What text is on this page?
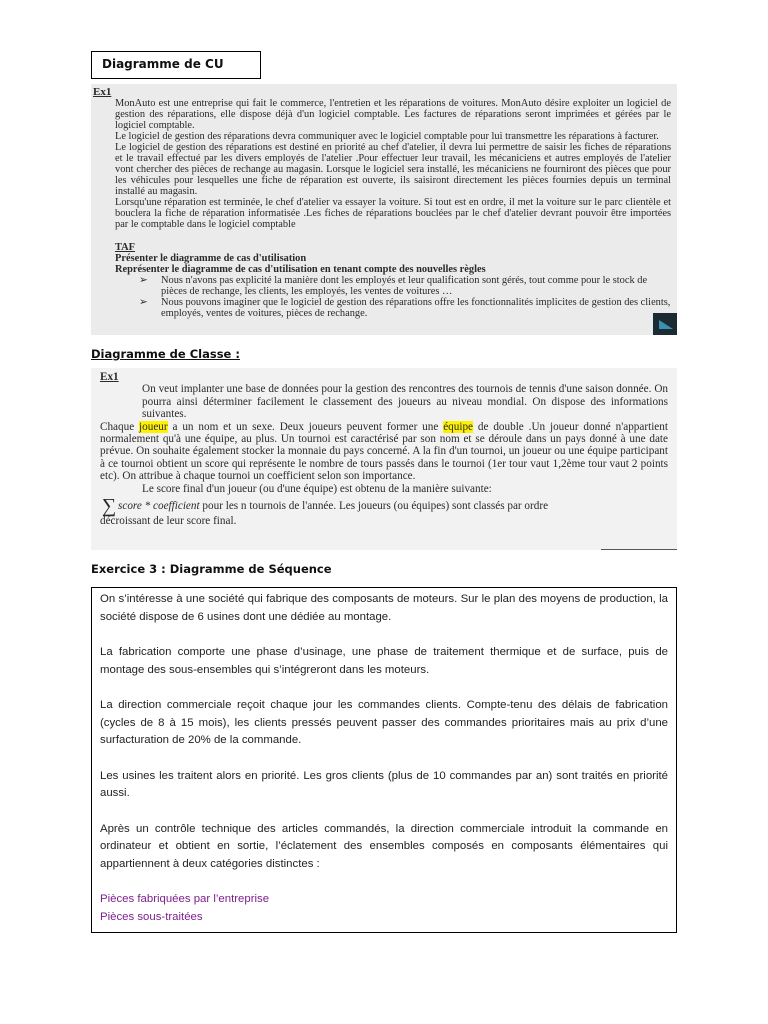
Diagramme de CU
Ex1

MonAuto est une entreprise qui fait le commerce, l'entretien et les réparations de voitures. MonAuto désire exploiter un logiciel de gestion des réparations, elle dispose déjà d'un logiciel comptable. Les factures de réparations seront imprimées et gérées par le logiciel comptable.

Le logiciel de gestion des réparations devra communiquer avec le logiciel comptable pour lui transmettre les réparations à facturer.

Le logiciel de gestion des réparations est destiné en priorité au chef d'atelier, il devra lui permettre de saisir les fiches de réparations et le travail effectué par les divers employés de l'atelier .Pour effectuer leur travail, les mécaniciens et autres employés de l'atelier vont chercher des pièces de rechange au magasin. Lorsque le logiciel sera installé, les mécaniciens ne fourniront des pièces que pour les véhicules pour lesquelles une fiche de réparation est ouverte, ils saisiront directement les pièces fournies depuis un terminal installé au magasin.

Lorsqu'une réparation est terminée, le chef d'atelier va essayer la voiture. Si tout est en ordre, il met la voiture sur le parc clientèle et bouclera la fiche de réparation informatisée .Les fiches de réparations bouclées par le chef d'atelier devrant pouvoir être importées par le comptable dans le logiciel comptable

TAF
Présenter le diagramme de cas d'utilisation
Représenter le diagramme de cas d'utilisation en tenant compte des nouvelles règles
➢	Nous n'avons pas explicité la manière dont les employés et leur qualification sont gérés, tout comme pour le stock de pièces de rechange, les clients, les employés, les ventes de voitures …
➢	Nous pouvons imaginer que le logiciel de gestion des réparations offre les fonctionnalités implicites de gestion des clients, employés, ventes de voitures, pièces de rechange.
Diagramme de Classe :
Ex1

On veut implanter une base de données pour la gestion des rencontres des tournois de tennis d'une saison donnée. On pourra ainsi déterminer facilement le classement des joueurs au niveau mondial. On dispose des informations suivantes.

Chaque joueur a un nom et un sexe. Deux joueurs peuvent former une équipe de double .Un joueur donné n'appartient normalement qu'à une équipe, au plus. Un tournoi est caractérisé par son nom et se déroule dans un pays donné à une date prévue. On souhaite également stocker la monnaie du pays concerné. A la fin d'un tournoi, un joueur ou une équipe participant à ce tournoi obtient un score qui représente le nombre de tours passés dans le tournoi (1er tour vaut 1,2ème tour vaut 2 points etc). On attribue à chaque tournoi un coefficient selon son importance.

Le score final d'un joueur (ou d'une équipe) est obtenu de la manière suivante:

∑ score * coefficient pour les n tournois de l'année. Les joueurs (ou équipes) sont classés par ordre

décroissant de leur score final.

Exercice 3 : Diagramme de Séquence

On s’intéresse à une société qui fabrique des composants de moteurs. Sur le plan des moyens de production, la société dispose de 6 usines dont une dédiée au montage.

La fabrication comporte une phase d’usinage, une phase de traitement thermique et de surface, puis de montage des sous-ensembles qui s’intégreront dans les moteurs.

La direction commerciale reçoit chaque jour les commandes clients. Compte-tenu des délais de fabrication (cycles de 8 à 15 mois), les clients pressés peuvent passer des commandes prioritaires mais au prix d’une surfacturation de 20% de la commande.

Les usines les traitent alors en priorité. Les gros clients (plus de 10 commandes par an) sont traités en priorité aussi.

Après un contrôle technique des articles commandés, la direction commerciale introduit la commande en ordinateur et obtient en sortie, l’éclatement des ensembles composés en composants élémentaires qui appartiennent à deux catégories distinctes :

Pièces fabriquées par l’entreprise
Pièces sous-traitées
